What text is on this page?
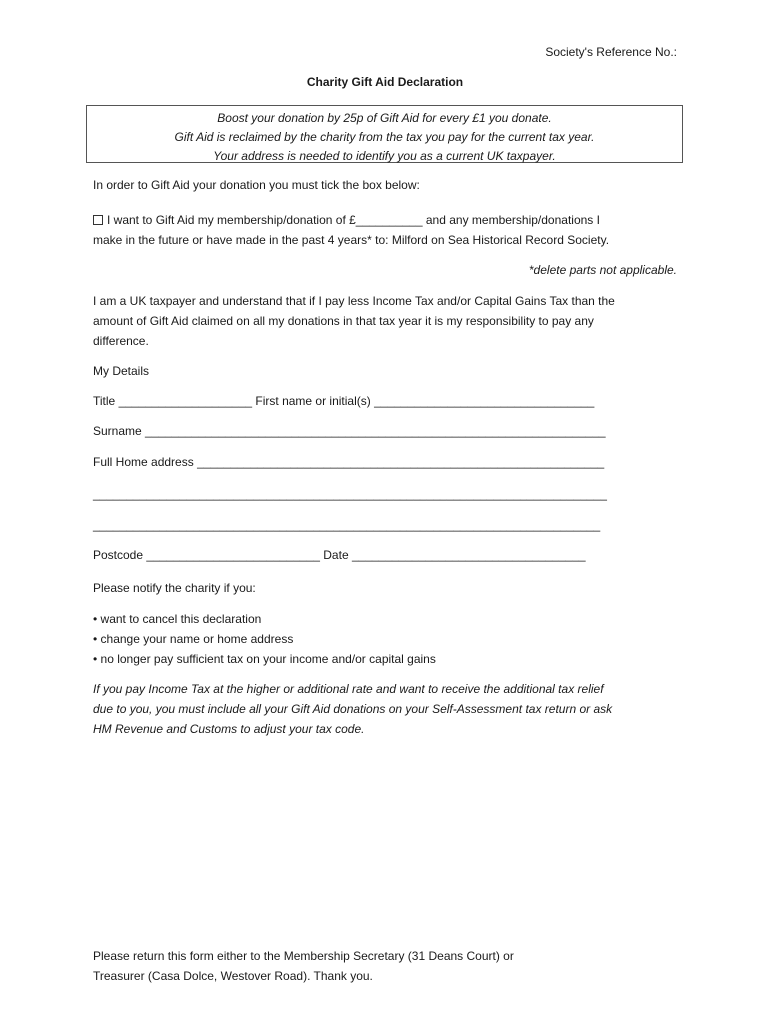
Society's Reference No.:
Charity Gift Aid Declaration
Boost your donation by 25p of Gift Aid for every £1 you donate.
Gift Aid is reclaimed by the charity from the tax you pay for the current tax year.
Your address is needed to identify you as a current UK taxpayer.
In order to Gift Aid your donation you must tick the box below:
I want to Gift Aid my membership/donation of £__________ and any membership/donations I
make in the future or have made in the past 4 years* to: Milford on Sea Historical Record Society.
*delete parts not applicable.
I am a UK taxpayer and understand that if I pay less Income Tax and/or Capital Gains Tax than the
amount of Gift Aid claimed on all my donations in that tax year it is my responsibility to pay any
difference.
My Details
Title ____________________ First name or initial(s) _________________________________
Surname _____________________________________________________________________
Full Home address _____________________________________________________________
_____________________________________________________________________________
____________________________________________________________________________
Postcode __________________________ Date ___________________________________
Please notify the charity if you:
• want to cancel this declaration
• change your name or home address
• no longer pay sufficient tax on your income and/or capital gains
If you pay Income Tax at the higher or additional rate and want to receive the additional tax relief
due to you, you must include all your Gift Aid donations on your Self-Assessment tax return or ask
HM Revenue and Customs to adjust your tax code.
Please return this form either to the Membership Secretary (31 Deans Court) or
Treasurer (Casa Dolce, Westover Road). Thank you.
